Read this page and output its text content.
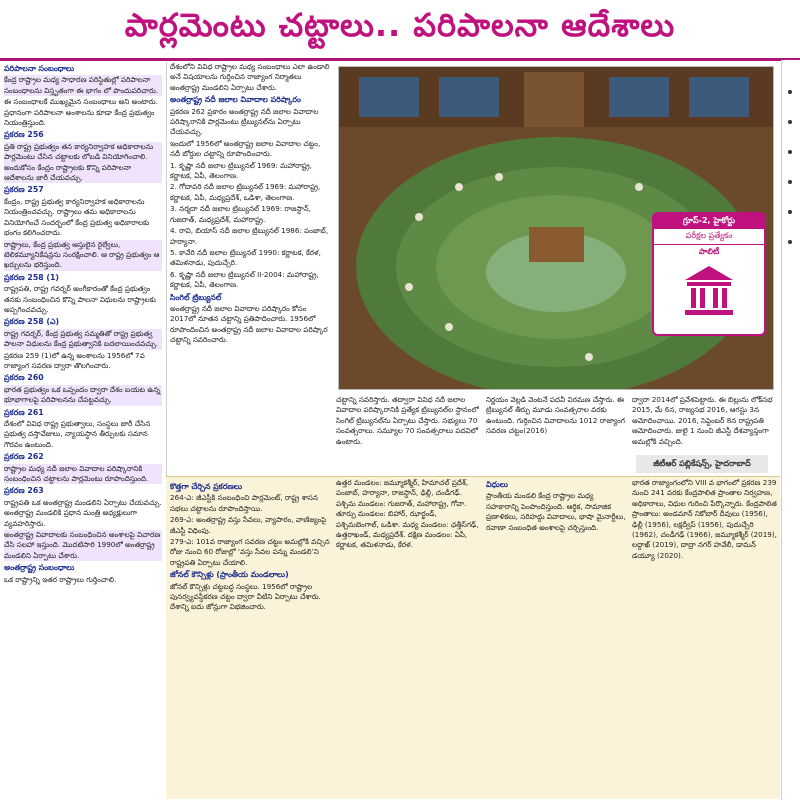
పార్లమెంటు చట్టాలు.. పరిపాలనా ఆదేశాలు

పరిపాలనా సంబంధాలు

కేంద్ర రాష్ట్రాల మధ్య సాధారణ పరిస్థితుల్లో పరిపాలనా సంబంధాలను విస్తృతంగా ఈ భాగం లో పొందుపరిచారు.

ఈ సంబంధాలకే ముఖ్యమైన సంబంధాలు అని అంటారు. ప్రధానంగా పరిపాలనా అంశాలను కూడా కేంద్ర ప్రభుత్వం నియంత్రిస్తుంది.

ప్రకరణ 256

ప్రతి రాష్ట్ర ప్రభుత్వం తన కార్యనిర్వాహక అధికారాలను పార్లమెంటు చేసిన చట్టాలకు లోబడి వినియోగించాలి. అందుకోసం కేంద్రం రాష్ట్రాలకు కొన్ని పరిపాలనా ఆదేశాలను జారీ చేయవచ్చు.

ప్రకరణ 257

కేంద్రం, రాష్ట్ర ప్రభుత్వ కార్యనిర్వాహక అధికారాలను నియంత్రించవచ్చు. రాష్ట్రాలు తమ అధికారాలను వినియోగించే సందర్భంలో కేంద్ర ప్రభుత్వ అధికారాలకు భంగం కలిగించరాదు.

రాష్ట్రాలు, కేంద్ర ప్రభుత్వ ఆస్తులైన రైల్వేలు, టెలికమ్యూనికేషన్లను సంరక్షించాలి. ఆ రాష్ట్ర ప్రభుత్వం ఆ ఖర్చులను భరిస్తుంది.

ప్రకరణ 258 (1)

రాష్ట్రపతి, రాష్ట్ర గవర్నర్‌ అంగీకారంతో కేంద్ర ప్రభుత్వం తనకు సంబంధించిన కొన్ని పాలనా విధులను రాష్ట్రాలకు అప్పగించవచ్చు.

ప్రకరణ 258 (ఎ)

రాష్ట్ర గవర్నర్‌, కేంద్ర ప్రభుత్వ సమ్మతితో రాష్ట్ర ప్రభుత్వ పాలనా విధులను కేంద్ర ప్రభుత్వానికి బదలాయించవచ్చు.

ప్రకరణ 259 (1)లో ఉన్న అంశాలను 1956లో 7వ రాజ్యాంగ సవరణ ద్వారా తొలగించారు.

ప్రకరణ 260

భారత ప్రభుత్వం ఒక ఒప్పందం ద్వారా దేశం బయట ఉన్న భూభాగాలపై పరిపాలనను చేపట్టవచ్చు.

ప్రకరణ 261

దేశంలో వివిధ రాష్ట్ర ప్రభుత్వాలు, సంస్థలు జారీ చేసిన ప్రభుత్వ దస్తావేజులు, న్యాయస్థాన తీర్పులకు సమాన గౌరవం ఉంటుంది.

ప్రకరణ 262

రాష్ట్రాల మధ్య నదీ జలాల వివాదాల పరిష్కారానికి సంబంధించిన చట్టాలను పార్లమెంటు రూపొందిస్తుంది.

ప్రకరణ 263

రాష్ట్రపతి ఒక అంతర్రాష్ట్ర మండలిని ఏర్పాటు చేయవచ్చు. అంతర్రాష్ట్ర మండలికి ప్రధాన మంత్రి అధ్యక్షులుగా వ్యవహరిస్తారు.

అంతర్రాష్ట్ర వివాదాలకు సంబంధించిన అంశాలపై విచారణ చేసి సలహా ఇస్తుంది. మొదటిసారి 1990లో అంతర్రాష్ట్ర మండలిని ఏర్పాటు చేశారు.

అంతర్రాష్ట్ర సంబంధాలు

ఒక రాష్ట్రాన్ని ఇతర రాష్ట్రాలు గుర్తించాలి.

దేశంలోని వివిధ రాష్ట్రాల మధ్య సంబంధాలు ఎలా ఉండాలి అనే విషయాలను గుర్తించిన రాజ్యాంగ నిర్మాతలు అంతర్రాష్ట్ర మండలిని ఏర్పాటు చేశారు.

అంతర్రాష్ట్ర నదీ జలాల వివాదాల పరిష్కారం

ప్రకరణ 262 ప్రకారం అంతర్రాష్ట్ర నదీ జలాల వివాదాల పరిష్కారానికి పార్లమెంటు ట్రిబ్యునల్‌ను ఏర్పాటు చేయవచ్చు.

ఇందులో 1956లో అంతర్రాష్ట్ర జలాల వివాదాల చట్టం, నదీ బోర్డుల చట్టాన్ని రూపొందించారు.

1. కృష్ణా నదీ జలాల ట్రిబ్యునల్‌ 1969: మహారాష్ట్ర, కర్ణాటక, ఏపీ, తెలంగాణ.

2. గోదావరి నదీ జలాల ట్రిబ్యునల్‌ 1969: మహారాష్ట్ర, కర్ణాటక, ఏపీ, మధ్యప్రదేశ్‌, ఒడిశా, తెలంగాణ.

3. నర్మదా నదీ జలాల ట్రిబ్యునల్‌ 1969: రాజస్థాన్‌, గుజరాత్‌, మధ్యప్రదేశ్‌, మహారాష్ట్ర.

4. రావి, బియాస్‌ నదీ జలాల ట్రిబ్యునల్‌ 1986: పంజాబ్‌, హర్యానా.

5. కావేరి నదీ జలాల ట్రిబ్యునల్‌ 1990: కర్ణాటక, కేరళ, తమిళనాడు, పుదుచ్చేరి.

6. కృష్ణా నదీ జలాల ట్రిబ్యునల్‌ II-2004: మహారాష్ట్ర, కర్ణాటక, ఏపీ, తెలంగాణ.

సింగిల్‌ ట్రిబ్యునల్‌

అంతర్రాష్ట్ర నదీ జలాల వివాదాల పరిష్కారం కోసం 2017లో నూతన చట్టాన్ని ప్రతిపాదించారు. 1956లో రూపొందించిన అంతర్రాష్ట్ర నదీ జలాల వివాదాల పరిష్కార చట్టాన్ని సవరించారు.

గ్రూప్‌-2, హైకోర్టు
పరీక్షల ప్రత్యేకం
పాలిటీ

చట్టాన్ని సవరిస్తారు. తద్వారా వివిధ నదీ జలాల వివాదాల పరిష్కారానికి ప్రత్యేక ట్రిబ్యునల్‌ల స్థానంలో సింగిల్‌ ట్రిబ్యునల్‌ను ఏర్పాటు చేస్తారు. సభ్యులు 70 సంవత్సరాలు. సమ్యూల 70 సంవత్సరాలు పదవిలో ఉంటారు.

నిర్ణయం వెల్లడి వెంటనే పదవీ విరమణ చేస్తారు. ఈ ట్రిబ్యునల్‌ తీర్పు మూడు సంవత్సరాల వరకు ఉంటుంది. గుర్తించిన వివాదాలను 1012 రాజ్యాంగ సవరణ చట్టం(2016)

ద్వారా 2014లో ప్రవేశపెట్టారు. ఈ బిల్లును లోక్‌సభ 2015, మే 6న, రాజ్యసభ 2016, ఆగస్టు 3న ఆమోదించాయి. 2016, సెప్టెంబర్‌ 8న రాష్ట్రపతి ఆమోదించారు. జులై 1 నుంచి జీఎస్టీ దేశవ్యాప్తంగా అమల్లోకి వచ్చింది.

జీటీఆర్‌ పబ్లికేషన్స్‌, హైదరాబాద్‌

కొత్తగా చేర్చిన ప్రకరణలు

264-ఎ: జీఎస్టీకి సంబంధించి పార్లమెంట్‌, రాష్ట్ర శాసన సభలు చట్టాలను రూపొందిస్తాయి.

269-ఎ: అంతర్రాష్ట్ర వస్తు సేవలు, వ్యాపారం, వాణిజ్యంపై జీఎస్టీ విధింపు.

279-ఎ: 101వ రాజ్యాంగ సవరణ చట్టం అమల్లోకి వచ్చిన రోజు నుంచి 60 రోజుల్లో ‘వస్తు సేవల పన్ను మండలి’ని రాష్ట్రపతి ఏర్పాటు చేయాలి.

జోనల్‌ కౌన్సిళ్లు (ప్రాంతీయ మండలాలు)

జోనల్‌ కౌన్సిళ్లు చట్టబద్ధ సంస్థలు. 1956లో రాష్ట్రాల పునర్వ్యవస్థీకరణ చట్టం ద్వారా వీటిని ఏర్పాటు చేశారు. దేశాన్ని ఐదు జోన్లుగా విభజించారు.

ఉత్తర మండలం: జమ్మూకశ్మీర్‌, హిమాచల్‌ ప్రదేశ్‌, పంజాబ్‌, హర్యానా, రాజస్థాన్‌, ఢిల్లీ, చండీగఢ్‌. పశ్చిమ మండలం: గుజరాత్‌, మహారాష్ట్ర, గోవా. తూర్పు మండలం: బిహార్‌, ఝార్ఖండ్‌, పశ్చిమబెంగాల్‌, ఒడిశా. మధ్య మండలం: ఛత్తీస్‌గఢ్‌, ఉత్తరాఖండ్‌, మధ్యప్రదేశ్‌. దక్షిణ మండలం: ఏపీ, కర్ణాటక, తమిళనాడు, కేరళ.

విధులు

ప్రాంతీయ మండలి కేంద్ర రాష్ట్రాల మధ్య సహకారాన్ని పెంపొందిస్తుంది. ఆర్థిక, సామాజిక ప్రణాళికలు, సరిహద్దు వివాదాలు, భాషా మైనార్టీలు, రవాణా సంబంధిత అంశాలపై చర్చిస్తుంది.

భారత రాజ్యాంగంలోని VIII వ భాగంలో ప్రకరణ 239 నుంచి 241 వరకు కేంద్రపాలిత ప్రాంతాల నిర్వహణ, అధికారాలు, విధుల గురించి పేర్కొన్నారు. కేంద్రపాలిత ప్రాంతాలు: అండమాన్‌ నికోబార్‌ దీవులు (1956), ఢిల్లీ (1956), లక్షద్వీప్‌ (1956), పుదుచ్చేరి (1962), చండీగఢ్‌ (1966), జమ్మూకశ్మీర్‌ (2019), లద్దాఖ్‌ (2019), దాద్రా నగర్‌ హవేలీ, డామన్‌ డయ్యూ (2020).
